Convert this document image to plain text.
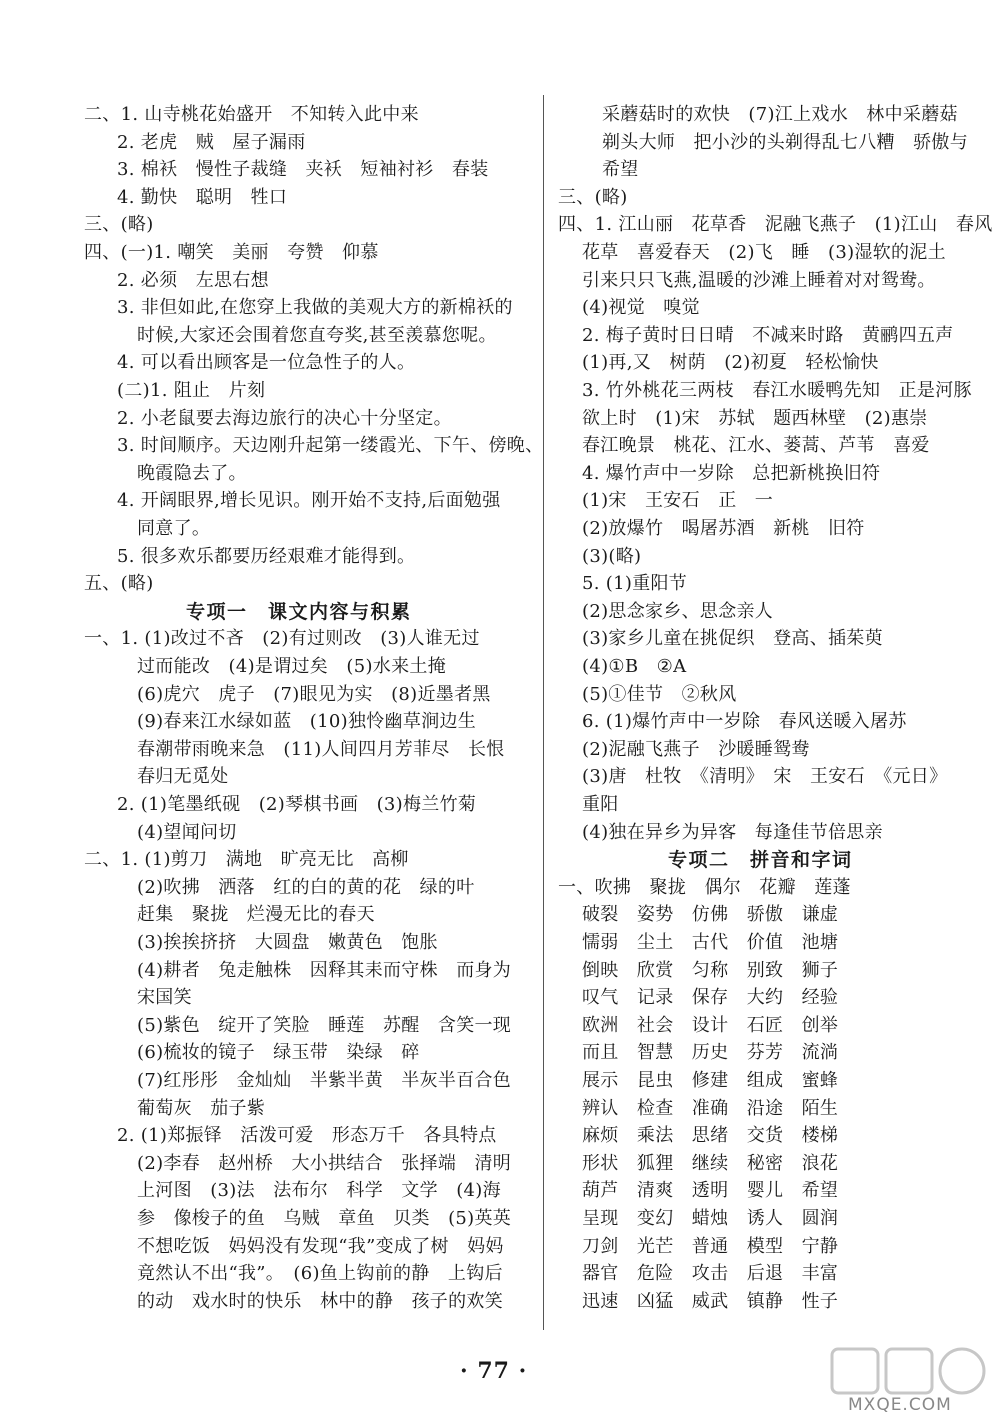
二、1. 山寺桃花始盛开　不知转入此中来
2. 老虎　贼　屋子漏雨
3. 棉袄　慢性子裁缝　夹袄　短袖衬衫　春装
4. 勤快　聪明　牲口
三、(略)
四、(一)1. 嘲笑　美丽　夸赞　仰慕
2. 必须　左思右想
3. 非但如此,在您穿上我做的美观大方的新棉袄的
时候,大家还会围着您直夸奖,甚至羡慕您呢。
4. 可以看出顾客是一位急性子的人。
(二)1. 阻止　片刻
2. 小老鼠要去海边旅行的决心十分坚定。
3. 时间顺序。天边刚升起第一缕霞光、下午、傍晚、
晚霞隐去了。
4. 开阔眼界,增长见识。刚开始不支持,后面勉强
同意了。
5. 很多欢乐都要历经艰难才能得到。
五、(略)
专项一　课文内容与积累
一、1. (1)改过不吝　(2)有过则改　(3)人谁无过
过而能改　(4)是谓过矣　(5)水来土掩
(6)虎穴　虎子　(7)眼见为实　(8)近墨者黑
(9)春来江水绿如蓝　(10)独怜幽草涧边生
春潮带雨晚来急　(11)人间四月芳菲尽　长恨
春归无觅处
2. (1)笔墨纸砚　(2)琴棋书画　(3)梅兰竹菊
(4)望闻问切
二、1. (1)剪刀　满地　旷亮无比　高柳
(2)吹拂　洒落　红的白的黄的花　绿的叶
赶集　聚拢　烂漫无比的春天
(3)挨挨挤挤　大圆盘　嫩黄色　饱胀
(4)耕者　兔走触株　因释其耒而守株　而身为
宋国笑
(5)紫色　绽开了笑脸　睡莲　苏醒　含笑一现
(6)梳妆的镜子　绿玉带　染绿　碎
(7)红彤彤　金灿灿　半紫半黄　半灰半百合色
葡萄灰　茄子紫
2. (1)郑振铎　活泼可爱　形态万千　各具特点
(2)李春　赵州桥　大小拱结合　张择端　清明
上河图　(3)法　法布尔　科学　文学　(4)海
参　像梭子的鱼　乌贼　章鱼　贝类　(5)英英
不想吃饭　妈妈没有发现“我”变成了树　妈妈
竟然认不出“我”。　(6)鱼上钩前的静　上钩后
的动　戏水时的快乐　林中的静　孩子的欢笑
采蘑菇时的欢快　(7)江上戏水　林中采蘑菇
剃头大师　把小沙的头剃得乱七八糟　骄傲与
希望
三、(略)
四、1. 江山丽　花草香　泥融飞燕子　(1)江山　春风
花草　喜爱春天　(2)飞　睡　(3)湿软的泥土
引来只只飞燕,温暖的沙滩上睡着对对鸳鸯。
(4)视觉　嗅觉
2. 梅子黄时日日晴　不减来时路　黄鹂四五声
(1)再,又　树荫　(2)初夏　轻松愉快
3. 竹外桃花三两枝　春江水暖鸭先知　正是河豚
欲上时　(1)宋　苏轼　题西林壁　(2)惠崇
春江晚景　桃花、江水、蒌蒿、芦苇　喜爱
4. 爆竹声中一岁除　总把新桃换旧符
(1)宋　王安石　正　一
(2)放爆竹　喝屠苏酒　新桃　旧符
(3)(略)
5. (1)重阳节
(2)思念家乡、思念亲人
(3)家乡儿童在挑促织　登高、插茱萸
(4)①B　②A
(5)①佳节　②秋风
6. (1)爆竹声中一岁除　春风送暖入屠苏
(2)泥融飞燕子　沙暖睡鸳鸯
(3)唐　杜牧　《清明》　宋　王安石　《元日》
重阳
(4)独在异乡为异客　每逢佳节倍思亲
专项二　拼音和字词
一、吹拂　聚拢　偶尔　花瓣　莲蓬
破裂　姿势　仿佛　骄傲　谦虚
懦弱　尘土　古代　价值　池塘
倒映　欣赏　匀称　别致　狮子
叹气　记录　保存　大约　经验
欧洲　社会　设计　石匠　创举
而且　智慧　历史　芬芳　流淌
展示　昆虫　修建　组成　蜜蜂
辨认　检查　准确　沿途　陌生
麻烦　乘法　思绪　交货　楼梯
形状　狐狸　继续　秘密　浪花
葫芦　清爽　透明　婴儿　希望
呈现　变幻　蜡烛　诱人　圆润
刀剑　光芒　普通　模型　宁静
器官　危险　攻击　后退　丰富
迅速　凶猛　威武　镇静　性子
· 77 ·
MXQE.COM
